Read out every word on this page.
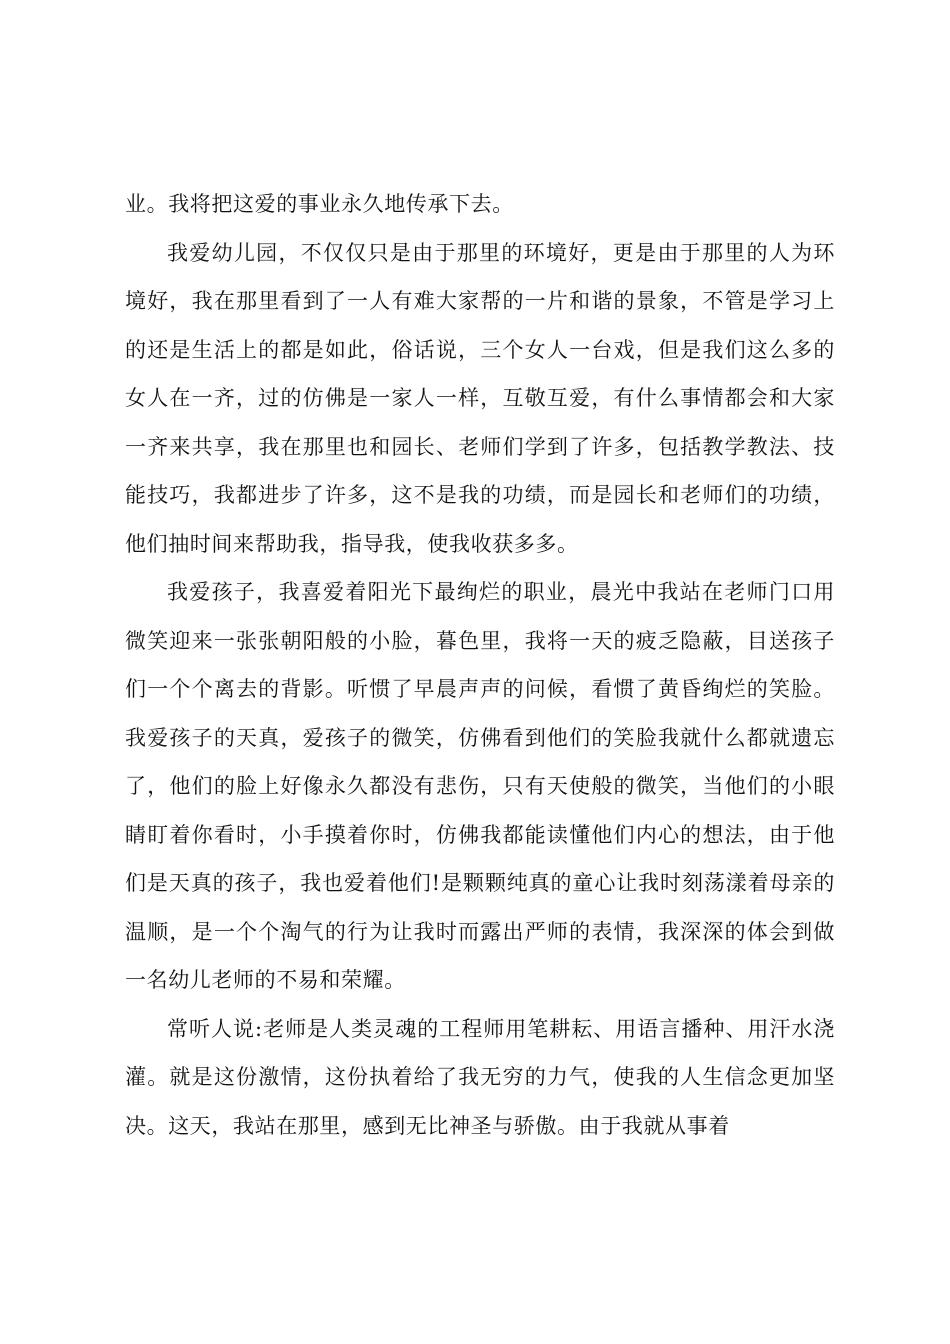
业。我将把这爱的事业永久地传承下去。

我爱幼儿园，不仅仅只是由于那里的环境好，更是由于那里的人为环境好，我在那里看到了一人有难大家帮的一片和谐的景象，不管是学习上的还是生活上的都是如此，俗话说，三个女人一台戏，但是我们这么多的女人在一齐，过的仿佛是一家人一样，互敬互爱，有什么事情都会和大家一齐来共享，我在那里也和园长、老师们学到了许多，包括教学教法、技能技巧，我都进步了许多，这不是我的功绩，而是园长和老师们的功绩，他们抽时间来帮助我，指导我，使我收获多多。

我爱孩子，我喜爱着阳光下最绚烂的职业，晨光中我站在老师门口用微笑迎来一张张朝阳般的小脸，暮色里，我将一天的疲乏隐蔽，目送孩子们一个个离去的背影。听惯了早晨声声的问候，看惯了黄昏绚烂的笑脸。我爱孩子的天真，爱孩子的微笑，仿佛看到他们的笑脸我就什么都就遗忘了，他们的脸上好像永久都没有悲伤，只有天使般的微笑，当他们的小眼睛盯着你看时，小手摸着你时，仿佛我都能读懂他们内心的想法，由于他们是天真的孩子，我也爱着他们!是颗颗纯真的童心让我时刻荡漾着母亲的温顺，是一个个淘气的行为让我时而露出严师的表情，我深深的体会到做一名幼儿老师的不易和荣耀。

常听人说:老师是人类灵魂的工程师用笔耕耘、用语言播种、用汗水浇灌。就是这份激情，这份执着给了我无穷的力气，使我的人生信念更加坚决。这天，我站在那里，感到无比神圣与骄傲。由于我就从事着
